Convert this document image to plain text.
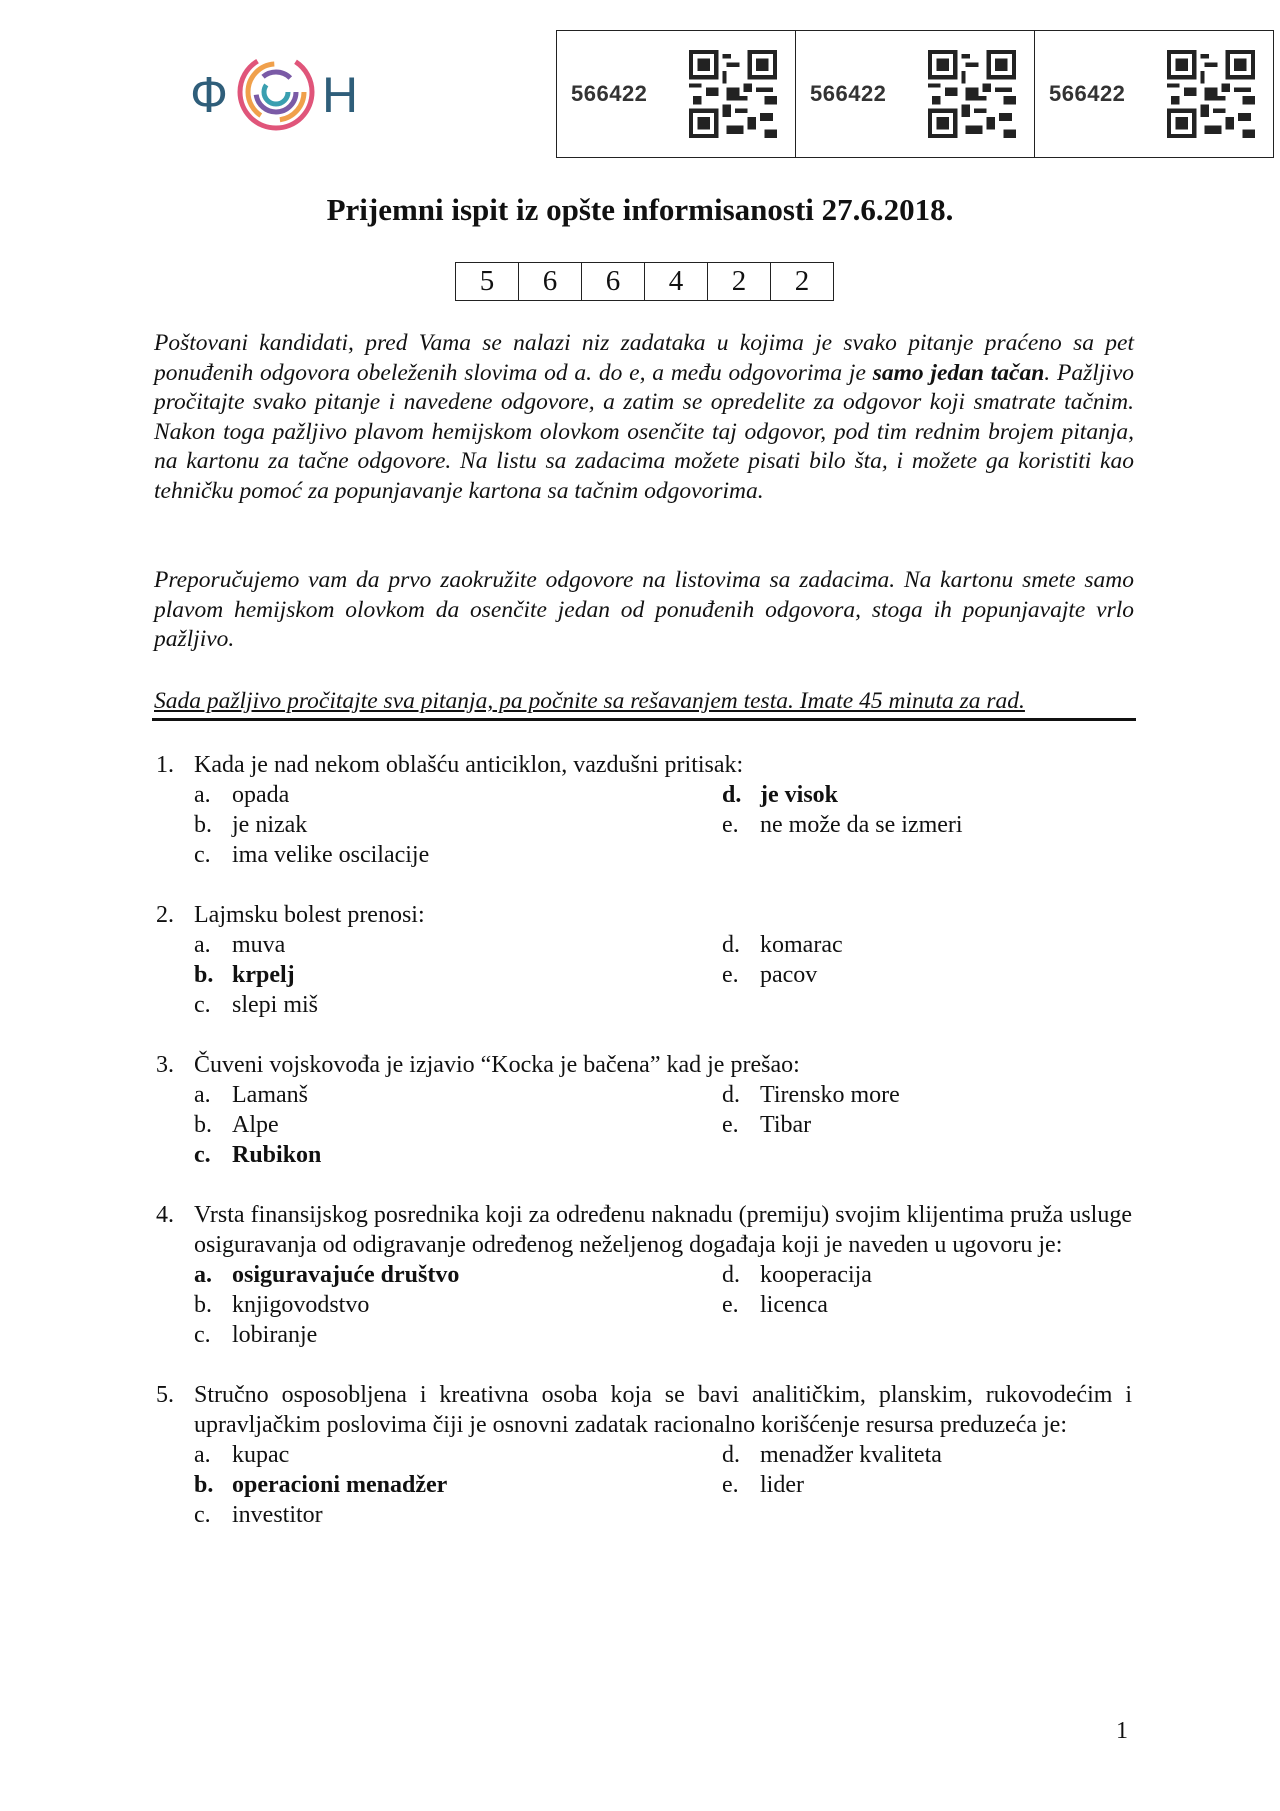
Ф Н	566422	566422	566422
Prijemni ispit iz opšte informisanosti 27.6.2018.
5	6	6	4	2	2

Poštovani kandidati, pred Vama se nalazi niz zadataka u kojima je svako pitanje praćeno sa pet ponuđenih odgovora obeleženih slovima od a. do e, a među odgovorima je samo jedan tačan. Pažljivo pročitajte svako pitanje i navedene odgovore, a zatim se opredelite za odgovor koji smatrate tačnim. Nakon toga pažljivo plavom hemijskom olovkom osenčite taj odgovor, pod tim rednim brojem pitanja, na kartonu za tačne odgovore. Na listu sa zadacima možete pisati bilo šta, i možete ga koristiti kao tehničku pomoć za popunjavanje kartona sa tačnim odgovorima.

Preporučujemo vam da prvo zaokružite odgovore na listovima sa zadacima. Na kartonu smete samo plavom hemijskom olovkom da osenčite jedan od ponuđenih odgovora, stoga ih popunjavajte vrlo pažljivo.

Sada pažljivo pročitajte sva pitanja, pa počnite sa rešavanjem testa. Imate 45 minuta za rad.

1. Kada je nad nekom oblašću anticiklon, vazdušni pritisak:
a. opada	d. je visok
b. je nizak	e. ne može da se izmeri
c. ima velike oscilacije
2. Lajmsku bolest prenosi:
a. muva	d. komarac
b. krpelj	e. pacov
c. slepi miš
3. Čuveni vojskovođa je izjavio “Kocka je bačena” kad je prešao:
a. Lamanš	d. Tirensko more
b. Alpe	e. Tibar
c. Rubikon
4. Vrsta finansijskog posrednika koji za određenu naknadu (premiju) svojim klijentima pruža usluge osiguravanja od odigravanje određenog neželjenog događaja koji je naveden u ugovoru je:
a. osiguravajuće društvo	d. kooperacija
b. knjigovodstvo	e. licenca
c. lobiranje
5. Stručno osposobljena i kreativna osoba koja se bavi analitičkim, planskim, rukovodećim i upravljačkim poslovima čiji je osnovni zadatak racionalno korišćenje resursa preduzeća je:
a. kupac	d. menadžer kvaliteta
b. operacioni menadžer	e. lider
c. investitor
1
